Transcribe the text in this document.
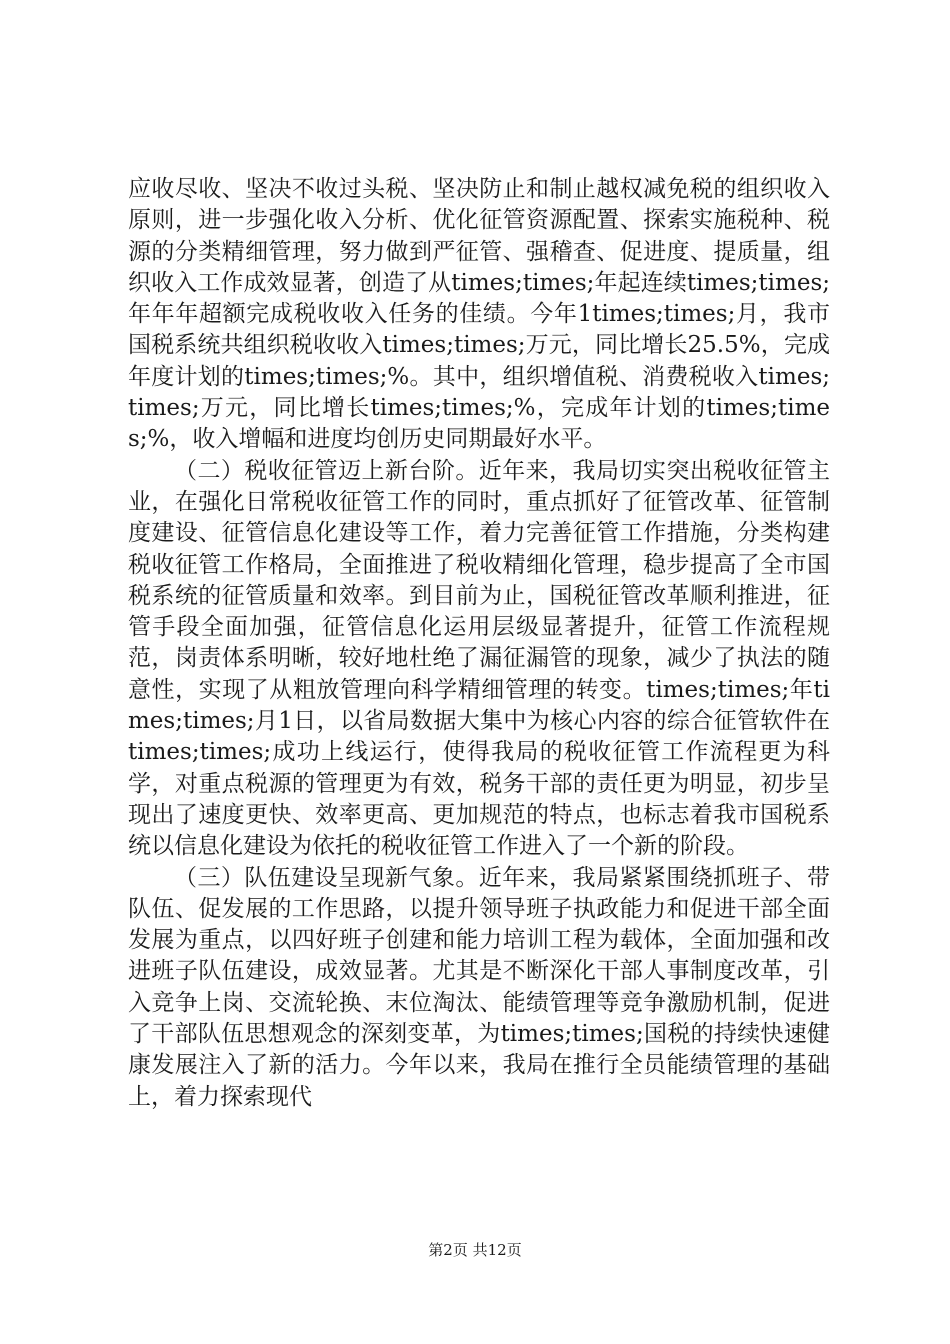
应收尽收、坚决不收过头税、坚决防止和制止越权减免税的组织收入原则，进一步强化收入分析、优化征管资源配置、探索实施税种、税源的分类精细管理，努力做到严征管、强稽查、促进度、提质量，组织收入工作成效显著，创造了从times;times;年起连续times;times;年年年超额完成税收收入任务的佳绩。今年1times;times;月，我市国税系统共组织税收收入times;times;万元，同比增长25.5%，完成年度计划的times;times;%。其中，组织增值税、消费税收入times;times;万元，同比增长times;times;%，完成年计划的times;times;%，收入增幅和进度均创历史同期最好水平。

（二）税收征管迈上新台阶。近年来，我局切实突出税收征管主业，在强化日常税收征管工作的同时，重点抓好了征管改革、征管制度建设、征管信息化建设等工作，着力完善征管工作措施，分类构建税收征管工作格局，全面推进了税收精细化管理，稳步提高了全市国税系统的征管质量和效率。到目前为止，国税征管改革顺利推进，征管手段全面加强，征管信息化运用层级显著提升，征管工作流程规范，岗责体系明晰，较好地杜绝了漏征漏管的现象，减少了执法的随意性，实现了从粗放管理向科学精细管理的转变。times;times;年times;times;月1日，以省局数据大集中为核心内容的综合征管软件在times;times;成功上线运行，使得我局的税收征管工作流程更为科学，对重点税源的管理更为有效，税务干部的责任更为明显，初步呈现出了速度更快、效率更高、更加规范的特点，也标志着我市国税系统以信息化建设为依托的税收征管工作进入了一个新的阶段。

（三）队伍建设呈现新气象。近年来，我局紧紧围绕抓班子、带队伍、促发展的工作思路，以提升领导班子执政能力和促进干部全面发展为重点，以四好班子创建和能力培训工程为载体，全面加强和改进班子队伍建设，成效显著。尤其是不断深化干部人事制度改革，引入竞争上岗、交流轮换、末位淘汰、能绩管理等竞争激励机制，促进了干部队伍思想观念的深刻变革，为times;times;国税的持续快速健康发展注入了新的活力。今年以来，我局在推行全员能绩管理的基础上，着力探索现代

第2页 共12页
